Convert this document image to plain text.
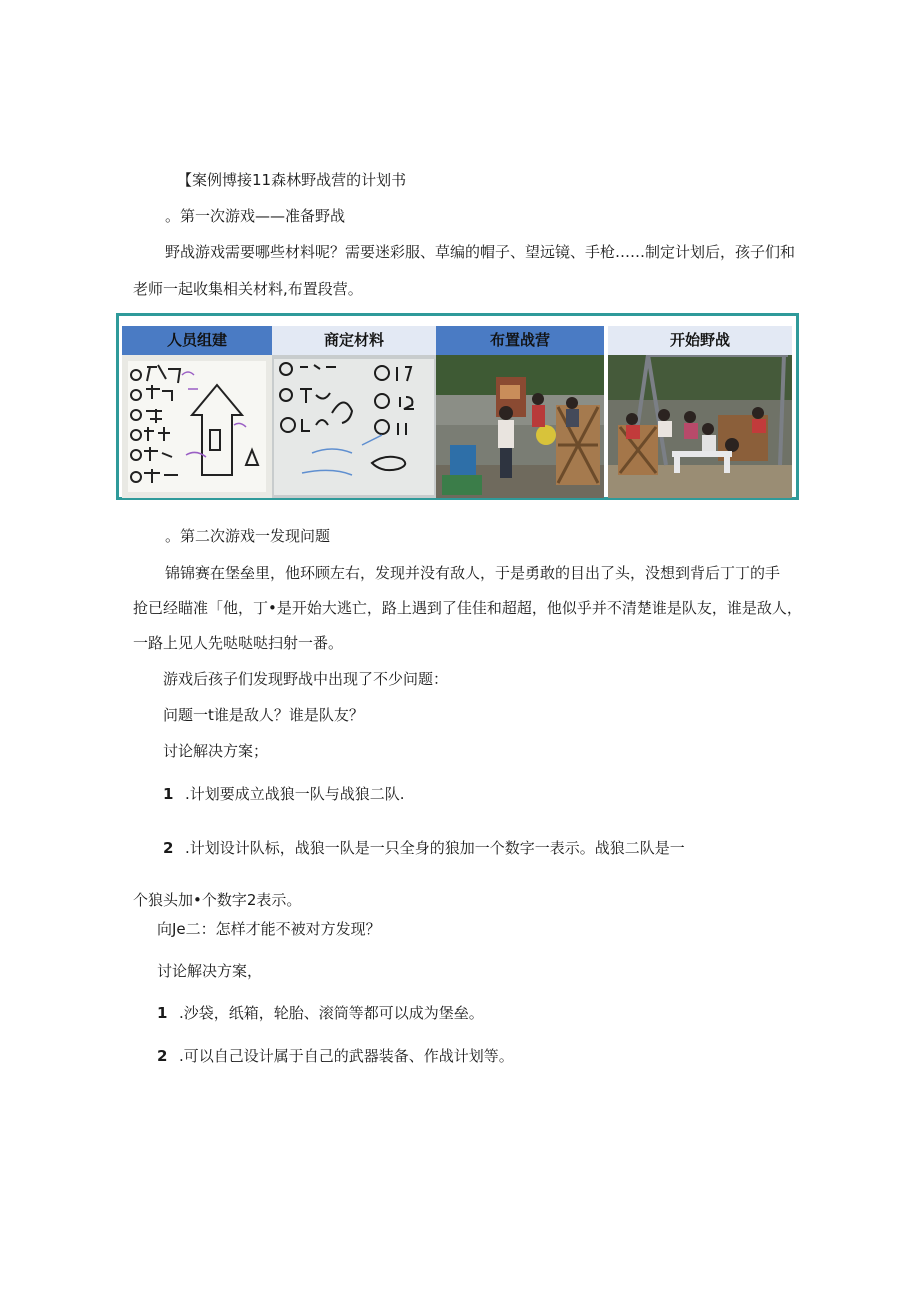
【案例博接11森林野战营的计划书
。第一次游戏——准备野战
野战游戏需要哪些材料呢？需要迷彩服、草编的帽子、望远镜、手枪……制定计划后，孩子们和
老师一起收集相关材料,布置段营。
人员组建	商定材料	布置战营	开始野战
。第二次游戏一发现问题
锦锦赛在堡垒里，他环顾左右，发现并没有敌人，于是勇敢的目出了头，没想到背后丁丁的手
抢已经瞄准「他，丁•是开始大逃亡，路上遇到了佳佳和超超，他似乎并不清楚谁是队友，谁是敌人，
一路上见人先哒哒哒扫射一番。
游戏后孩子们发现野战中出现了不少问题：
问题一t谁是敌人？谁是队友？
讨论解决方案；
1 .计划要成立战狼一队与战狼二队.
2 .计划设计队标，战狼一队是一只全身的狼加一个数字一表示。战狼二队是一
个狼头加•个数字2表示。
向Je二：怎样才能不被对方发现？
讨论解决方案，
1 .沙袋，纸箱，轮胎、滚筒等都可以成为堡垒。
2 .可以自己设计属于自己的武器装备、作战计划等。
